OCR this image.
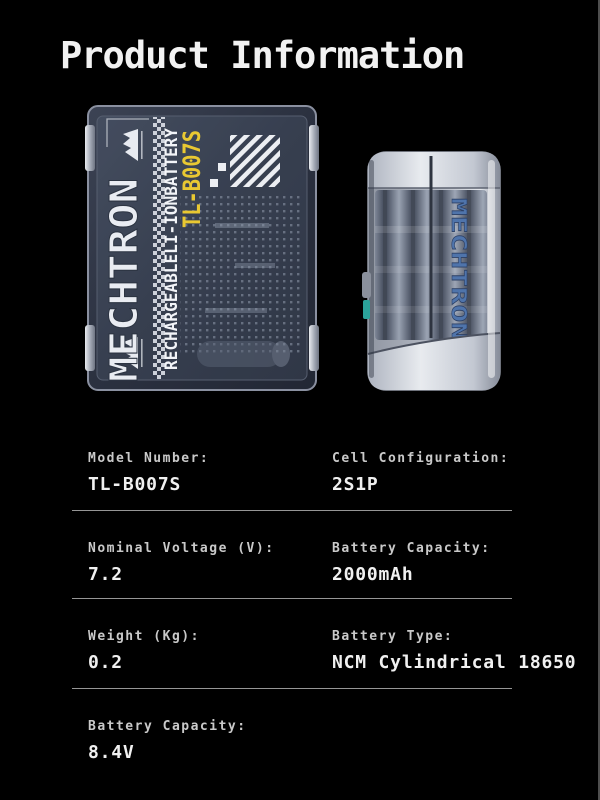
Product Information
MECHTRON RECHARGEABLELI-IONBATTERY
TL-B007S
MECHTRON
Model Number:
TL-B007S
Cell Configuration:
2S1P
Nominal Voltage (V):
7.2
Battery Capacity:
2000mAh
Weight (Kg):
0.2
Battery Type:
NCM Cylindrical 18650
Battery Capacity:
8.4V
